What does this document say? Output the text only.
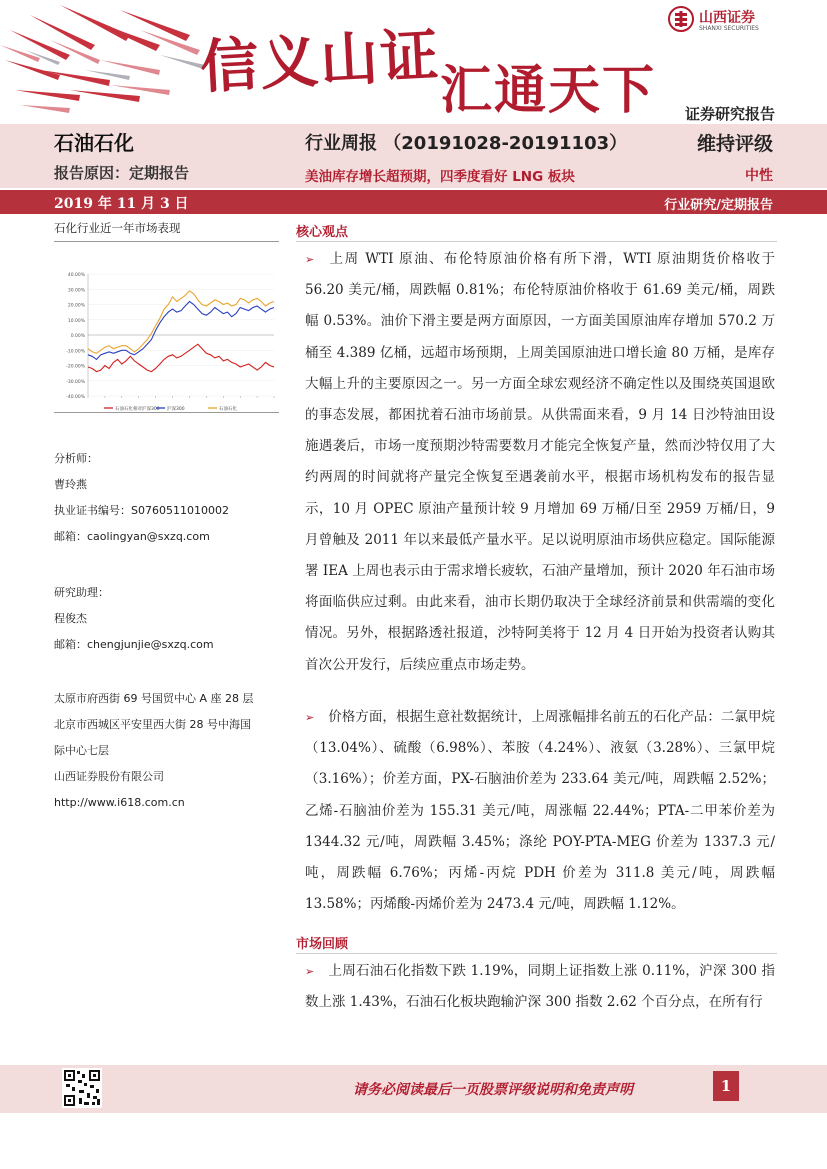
信义山证
汇通天下
山西证券
SHANXI SECURITIES
证券研究报告
石油石化
报告原因：定期报告
行业周报 （20191028-20191103）	维持评级
美油库存增长超预期，四季度看好 LNG 板块	中性
2019 年 11 月 3 日	行业研究/定期报告
石化行业近一年市场表现
40.00%
30.00%
20.00%
10.00%
0.00%
-10.00%
-20.00%
-30.00%
-40.00%
石油石化相对沪深300 沪深300	石油石化
分析师：
曹玲燕
执业证书编号：S0760511010002
邮箱：caolingyan@sxzq.com
研究助理：
程俊杰
邮箱：chengjunjie@sxzq.com
太原市府西街 69 号国贸中心 A 座 28 层
北京市西城区平安里西大街 28 号中海国
际中心七层
山西证券股份有限公司
http://www.i618.com.cn
核心观点
➢ 上周 WTI 原油、布伦特原油价格有所下滑，WTI 原油期货价格收于 56.20 美元/桶，周跌幅 0.81%；布伦特原油价格收于 61.69 美元/桶，周跌幅 0.53%。油价下滑主要是两方面原因，一方面美国原油库存增加 570.2 万桶至 4.389 亿桶，远超市场预期，上周美国原油进口增长逾 80 万桶，是库存大幅上升的主要原因之一。另一方面全球宏观经济不确定性以及围绕英国退欧的事态发展，都困扰着石油市场前景。从供需面来看，9 月 14 日沙特油田设施遇袭后，市场一度预期沙特需要数月才能完全恢复产量，然而沙特仅用了大约两周的时间就将产量完全恢复至遇袭前水平，根据市场机构发布的报告显示，10 月 OPEC 原油产量预计较 9 月增加 69 万桶/日至 2959 万桶/日，9 月曾触及 2011 年以来最低产量水平。足以说明原油市场供应稳定。国际能源署 IEA 上周也表示由于需求增长疲软，石油产量增加，预计 2020 年石油市场将面临供应过剩。由此来看，油市长期仍取决于全球经济前景和供需端的变化情况。另外，根据路透社报道，沙特阿美将于 12 月 4 日开始为投资者认购其首次公开发行，后续应重点市场走势。
➢ 价格方面，根据生意社数据统计，上周涨幅排名前五的石化产品：二氯甲烷（13.04%）、硫酸（6.98%）、苯胺（4.24%）、液氨（3.28%）、三氯甲烷（3.16%）；价差方面，PX-石脑油价差为 233.64 美元/吨，周跌幅 2.52%；乙烯-石脑油价差为 155.31 美元/吨，周涨幅 22.44%；PTA-二甲苯价差为 1344.32 元/吨，周跌幅 3.45%；涤纶 POY-PTA-MEG 价差为 1337.3 元/吨，周跌幅 6.76%；丙烯-丙烷 PDH 价差为 311.8 美元/吨，周跌幅 13.58%；丙烯酸-丙烯价差为 2473.4 元/吨，周跌幅 1.12%。
市场回顾
➢ 上周石油石化指数下跌 1.19%，同期上证指数上涨 0.11%，沪深 300 指数上涨 1.43%，石油石化板块跑输沪深 300 指数 2.62 个百分点，在所有行
请务必阅读最后一页股票评级说明和免责声明	1
